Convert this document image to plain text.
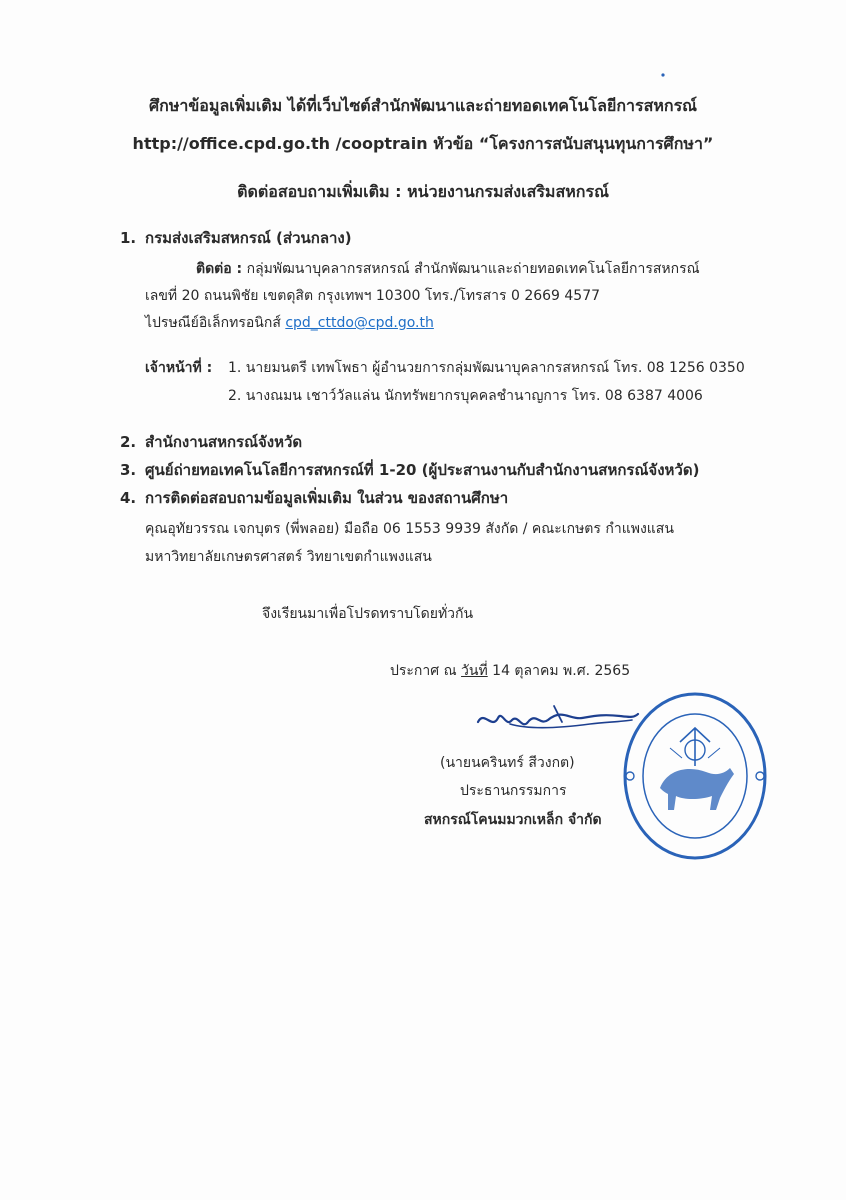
ศึกษาข้อมูลเพิ่มเติม ได้ที่เว็บไซต์สำนักพัฒนาและถ่ายทอดเทคโนโลยีการสหกรณ์
http://office.cpd.go.th /cooptrain หัวข้อ “โครงการสนับสนุนทุนการศึกษา”
ติดต่อสอบถามเพิ่มเติม : หน่วยงานกรมส่งเสริมสหกรณ์
1. กรมส่งเสริมสหกรณ์ (ส่วนกลาง)
ติดต่อ : กลุ่มพัฒนาบุคลากรสหกรณ์ สำนักพัฒนาและถ่ายทอดเทคโนโลยีการสหกรณ์
เลขที่ 20 ถนนพิชัย เขตดุสิต กรุงเทพฯ 10300 โทร./โทรสาร 0 2669 4577
ไปรษณีย์อิเล็กทรอนิกส์ cpd_cttdo@cpd.go.th
เจ้าหน้าที่ : 1. นายมนตรี เทพโพธา ผู้อำนวยการกลุ่มพัฒนาบุคลากรสหกรณ์ โทร. 08 1256 0350
2. นางณมน เชาว์วัลแล่น นักทรัพยากรบุคคลชำนาญการ โทร. 08 6387 4006
2. สำนักงานสหกรณ์จังหวัด
3. ศูนย์ถ่ายทอเทคโนโลยีการสหกรณ์ที่ 1-20 (ผู้ประสานงานกับสำนักงานสหกรณ์จังหวัด)
4. การติดต่อสอบถามข้อมูลเพิ่มเติม ในส่วน ของสถานศึกษา
คุณอุทัยวรรณ เจกบุตร (พี่พลอย) มือถือ 06 1553 9939 สังกัด / คณะเกษตร กำแพงแสน
มหาวิทยาลัยเกษตรศาสตร์ วิทยาเขตกำแพงแสน
จึงเรียนมาเพื่อโปรดทราบโดยทั่วกัน
ประกาศ ณ วันที่ 14 ตุลาคม พ.ศ. 2565
(นายนครินทร์ สีวงกต)
ประธานกรรมการ
สหกรณ์โคนมมวกเหล็ก จำกัด
